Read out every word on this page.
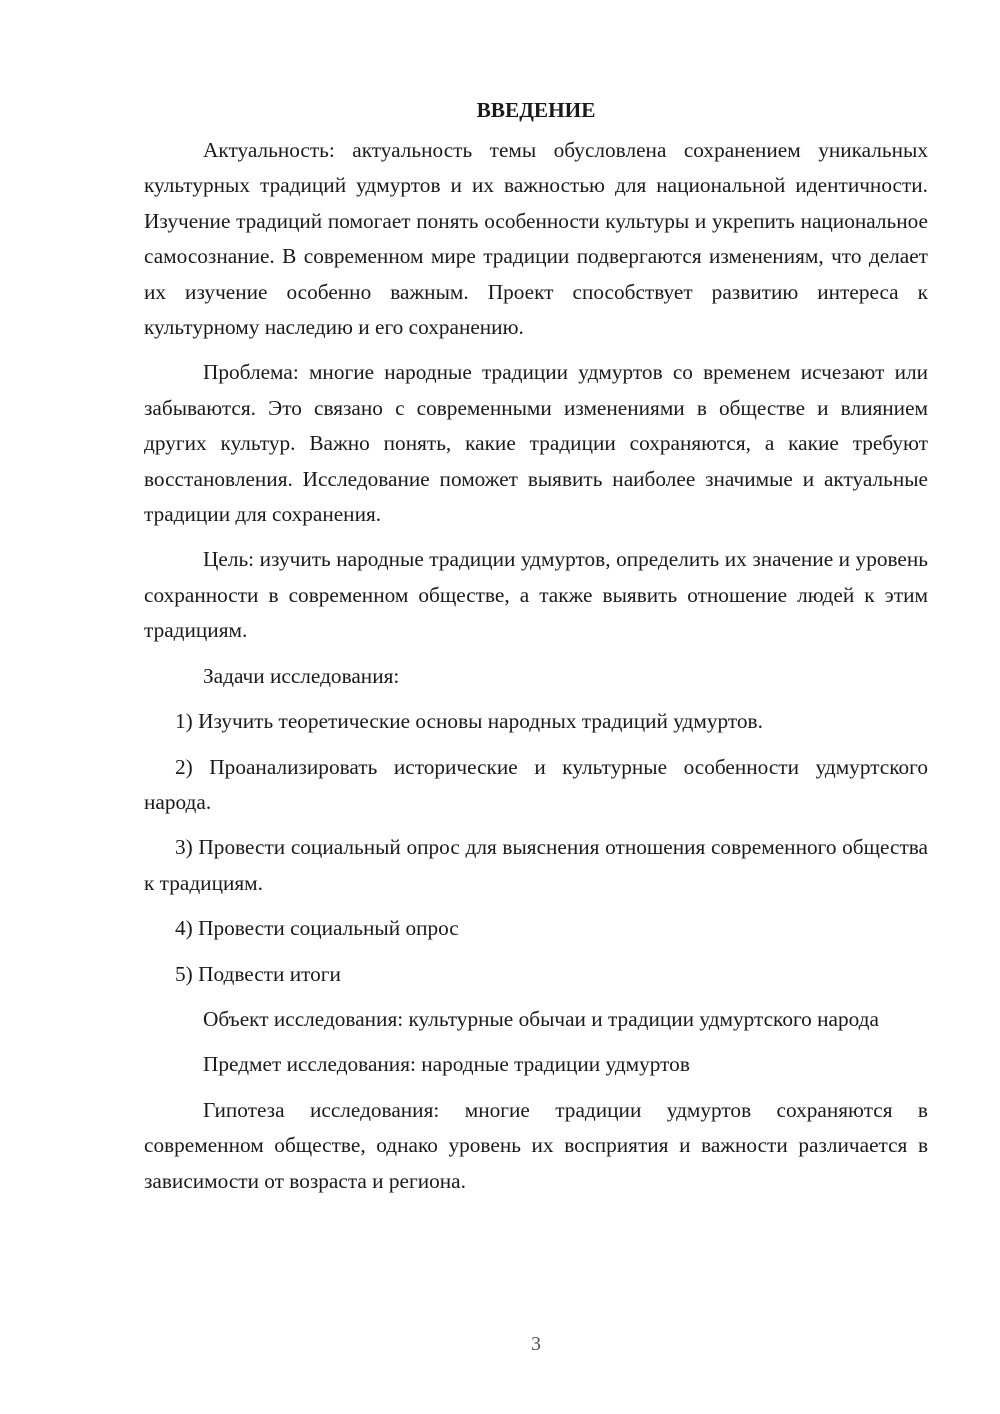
ВВЕДЕНИЕ

Актуальность: актуальность темы обусловлена сохранением уникальных культурных традиций удмуртов и их важностью для национальной идентичности. Изучение традиций помогает понять особенности культуры и укрепить национальное самосознание. В современном мире традиции подвергаются изменениям, что делает их изучение особенно важным. Проект способствует развитию интереса к культурному наследию и его сохранению.

Проблема: многие народные традиции удмуртов со временем исчезают или забываются. Это связано с современными изменениями в обществе и влиянием других культур. Важно понять, какие традиции сохраняются, а какие требуют восстановления. Исследование поможет выявить наиболее значимые и актуальные традиции для сохранения.

Цель: изучить народные традиции удмуртов, определить их значение и уровень сохранности в современном обществе, а также выявить отношение людей к этим традициям.

Задачи исследования:

1) Изучить теоретические основы народных традиций удмуртов.

2) Проанализировать исторические и культурные особенности удмуртского народа.

3) Провести социальный опрос для выяснения отношения современного общества к традициям.

4) Провести социальный опрос

5) Подвести итоги

Объект исследования: культурные обычаи и традиции удмуртского народа

Предмет исследования: народные традиции удмуртов

Гипотеза исследования: многие традиции удмуртов сохраняются в современном обществе, однако уровень их восприятия и важности различается в зависимости от возраста и региона.

3
